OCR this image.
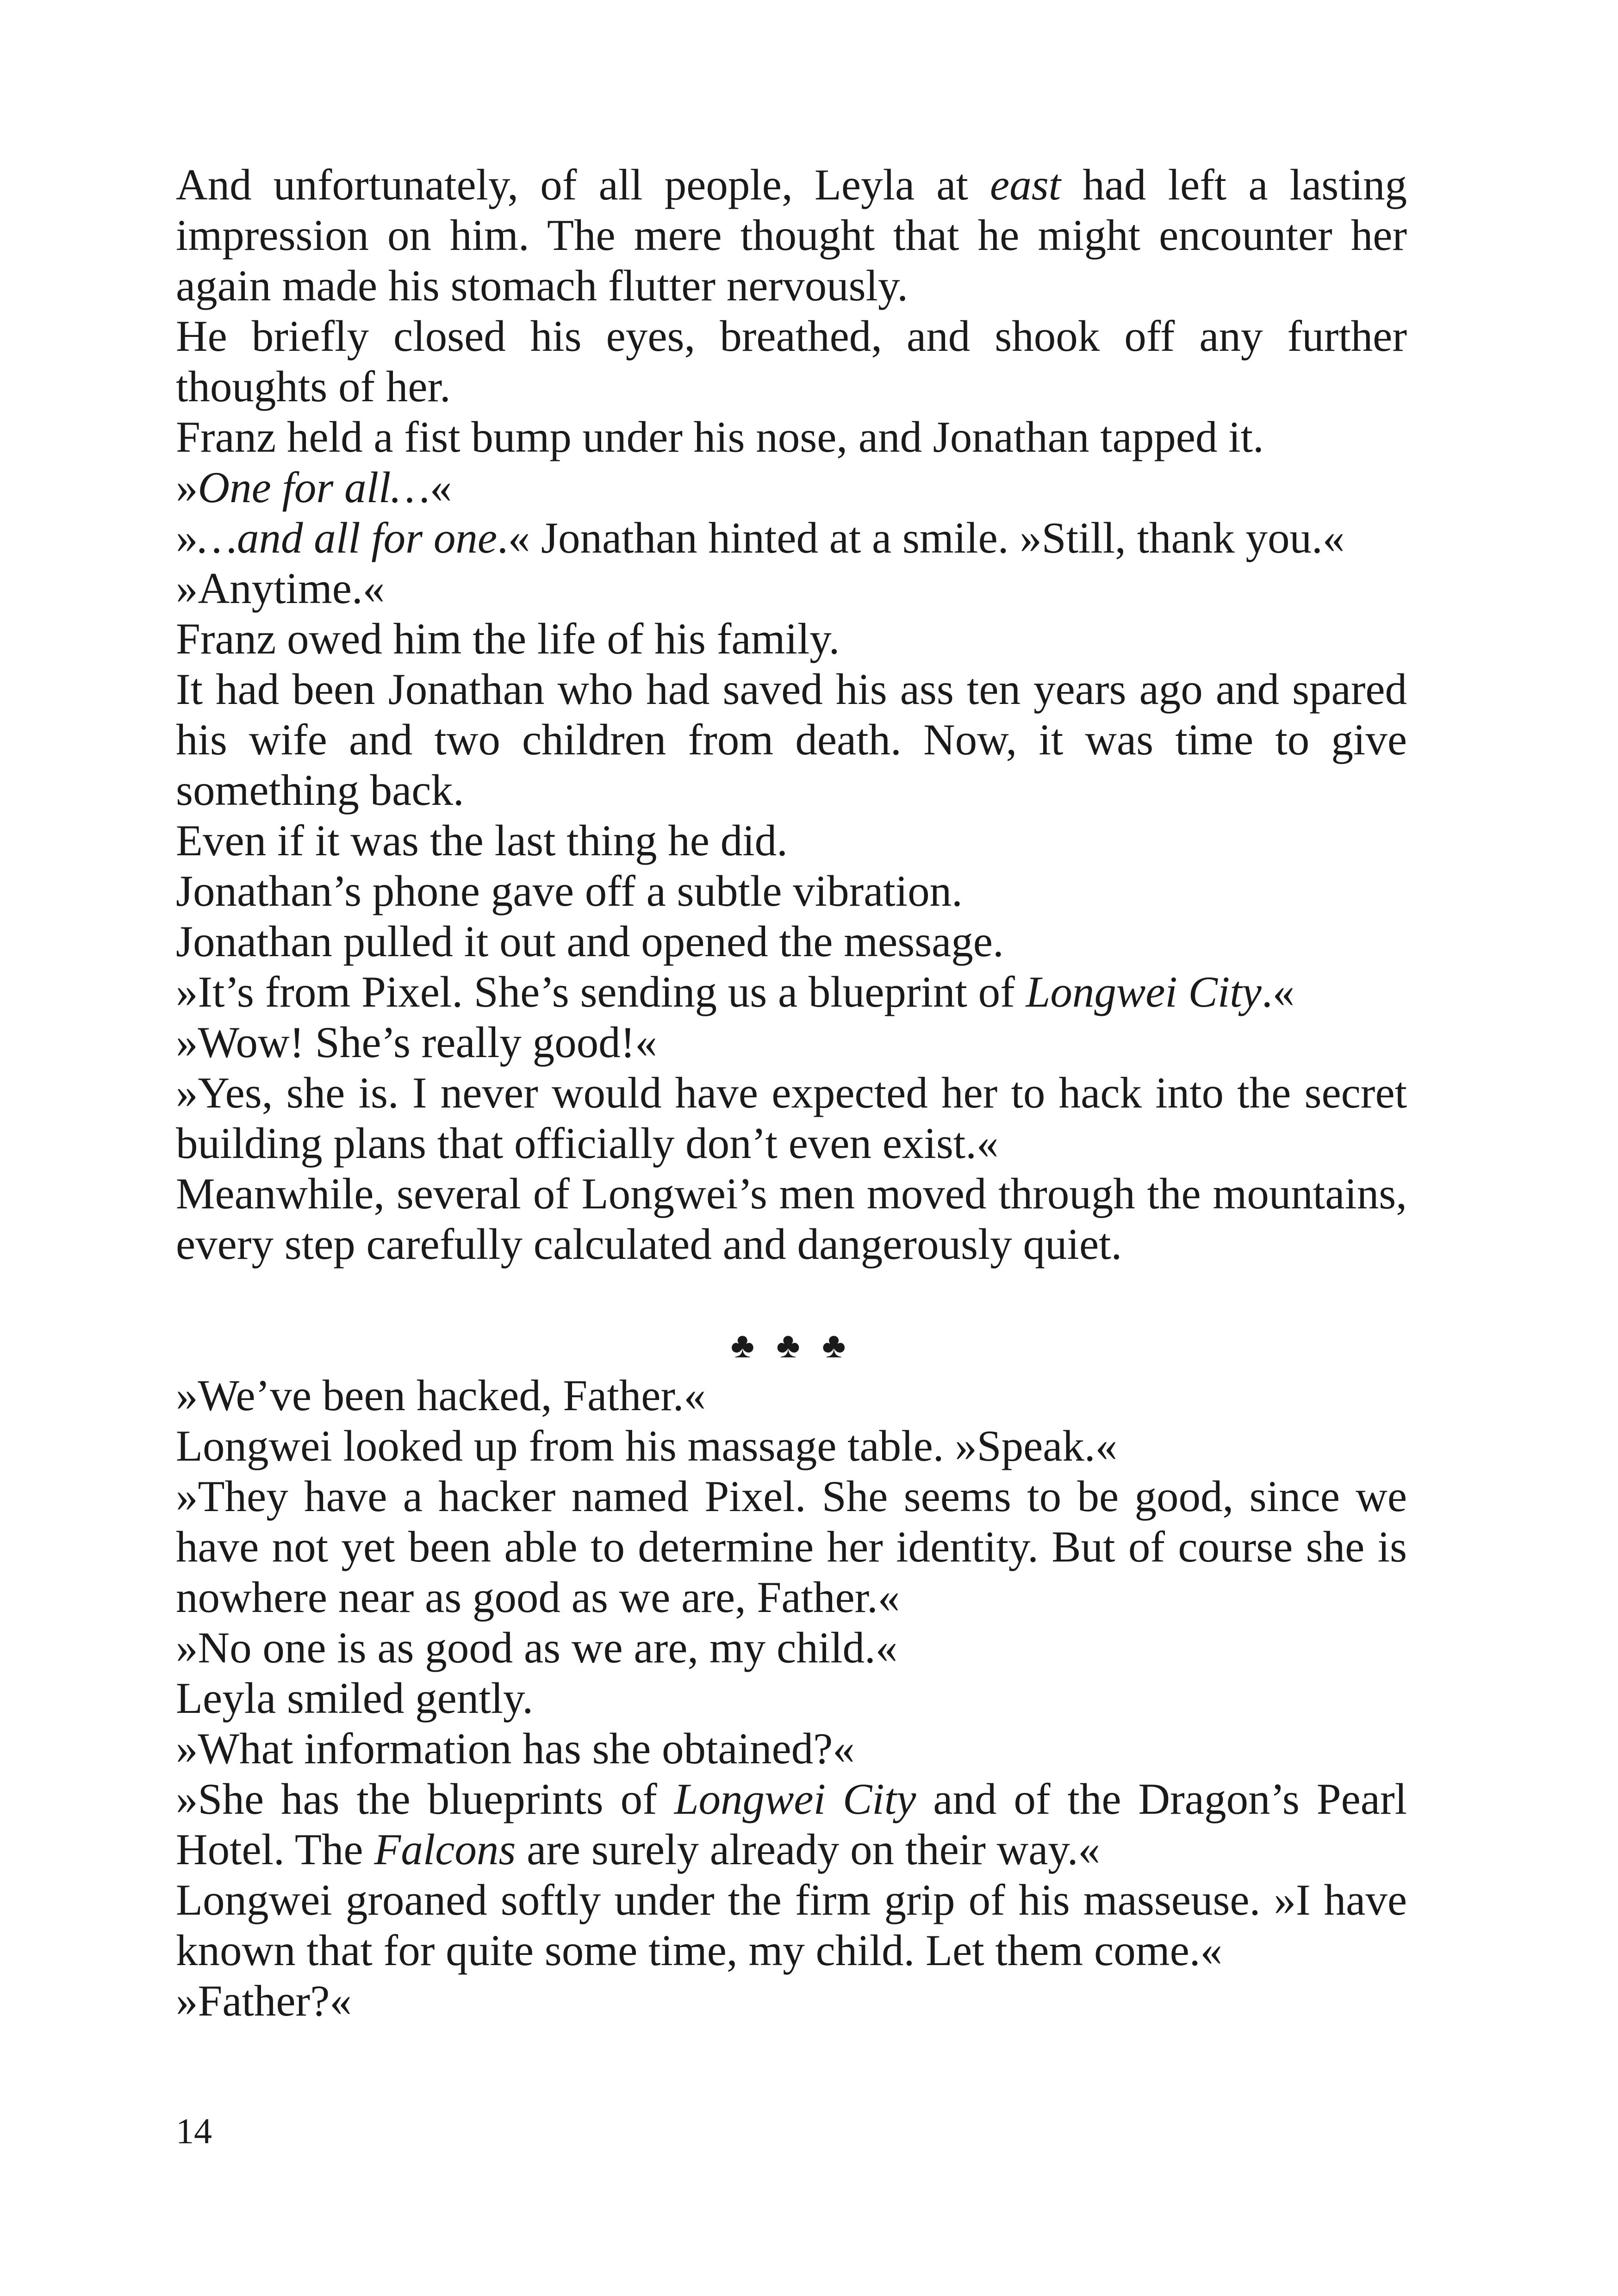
And unfortunately, of all people, Leyla at east had left a lasting impression on him. The mere thought that he might encounter her again made his stomach flutter nervously.

He briefly closed his eyes, breathed, and shook off any further thoughts of her.

Franz held a fist bump under his nose, and Jonathan tapped it.

»One for all…«

»…and all for one.« Jonathan hinted at a smile. »Still, thank you.«

»Anytime.«

Franz owed him the life of his family.

It had been Jonathan who had saved his ass ten years ago and spared his wife and two children from death. Now, it was time to give something back.

Even if it was the last thing he did.

Jonathan’s phone gave off a subtle vibration.

Jonathan pulled it out and opened the message.

»It’s from Pixel. She’s sending us a blueprint of Longwei City.«

»Wow! She’s really good!«

»Yes, she is. I never would have expected her to hack into the secret building plans that officially don’t even exist.«

Meanwhile, several of Longwei’s men moved through the mountains, every step carefully calculated and dangerously quiet.

♣ ♣ ♣

»We’ve been hacked, Father.«

Longwei looked up from his massage table. »Speak.«

»They have a hacker named Pixel. She seems to be good, since we have not yet been able to determine her identity. But of course she is nowhere near as good as we are, Father.«

»No one is as good as we are, my child.«

Leyla smiled gently.

»What information has she obtained?«

»She has the blueprints of Longwei City and of the Dragon’s Pearl Hotel. The Falcons are surely already on their way.«

Longwei groaned softly under the firm grip of his masseuse. »I have known that for quite some time, my child. Let them come.«

»Father?«

14
